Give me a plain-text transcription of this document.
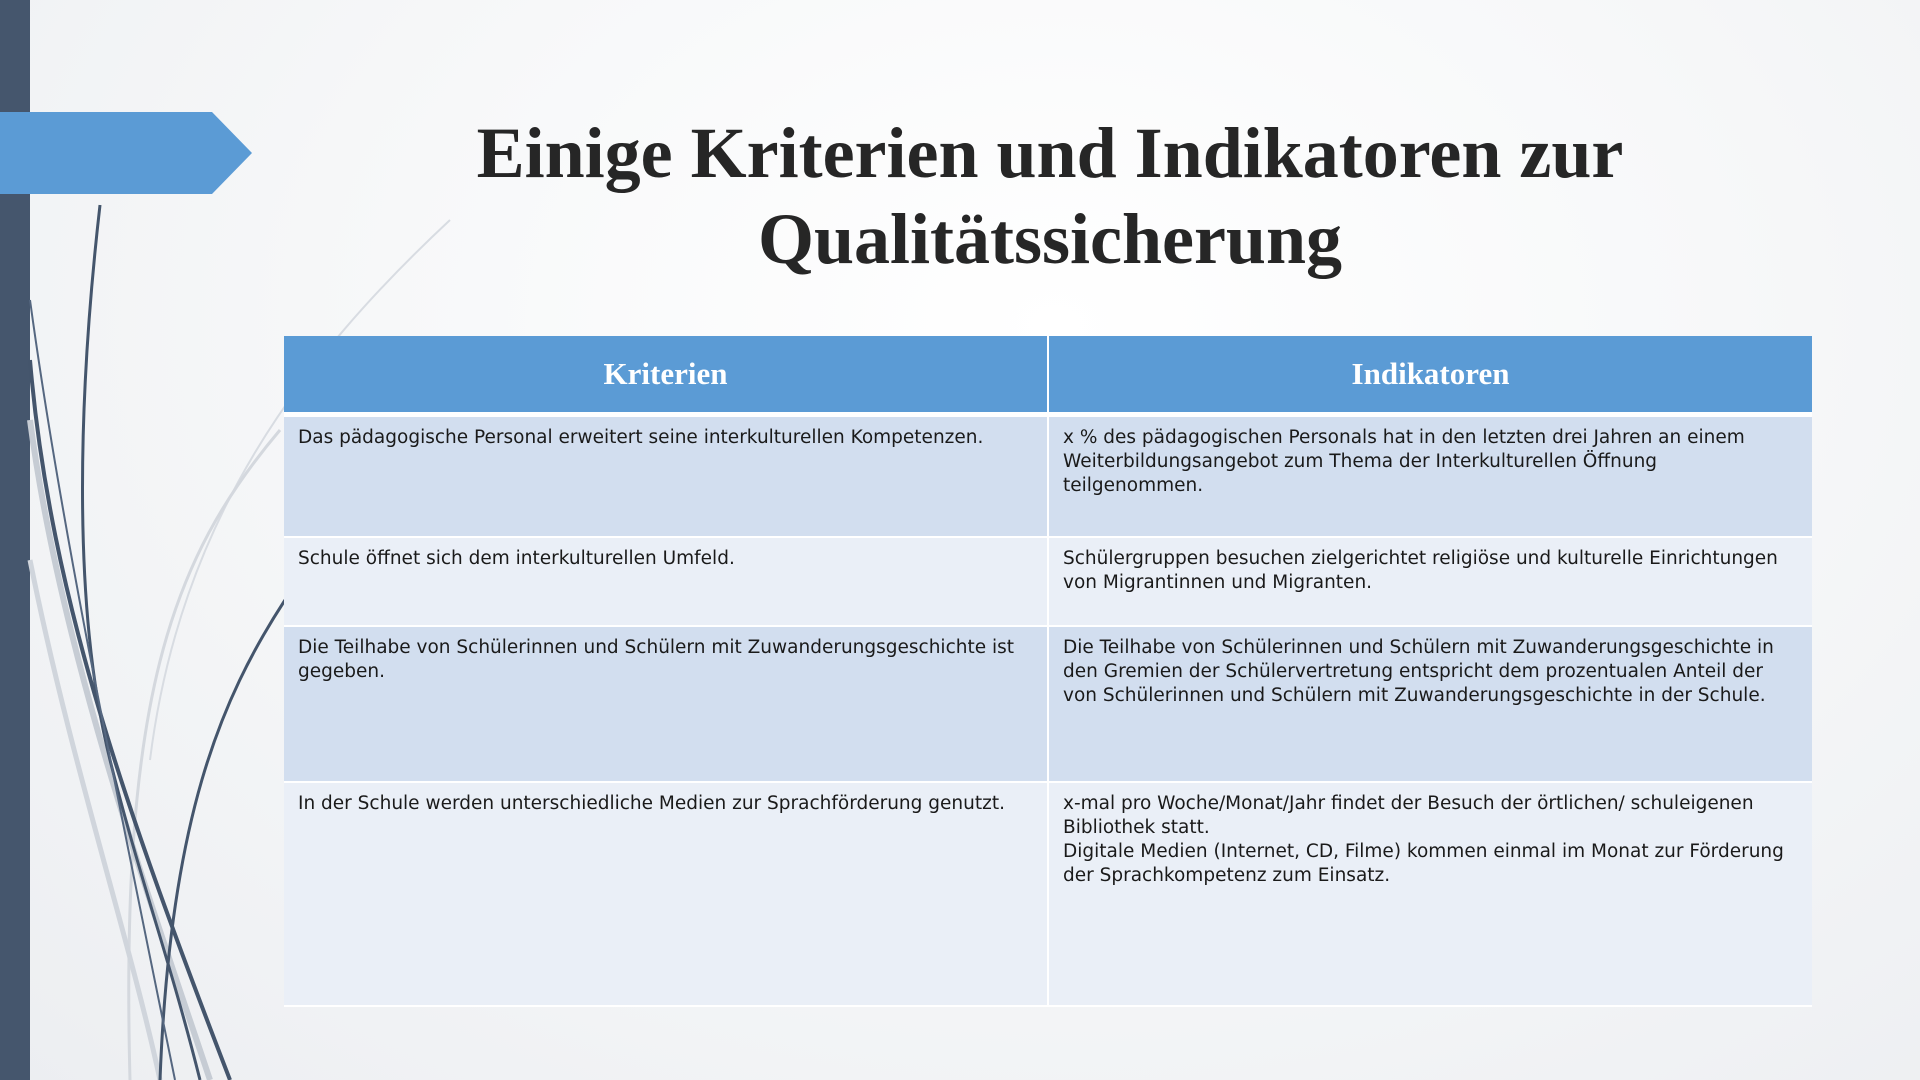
Einige Kriterien und Indikatoren zur
Qualitätssicherung
Kriterien	Indikatoren
Das pädagogische Personal erweitert seine interkulturellen Kompetenzen.	x % des pädagogischen Personals hat in den letzten drei Jahren an einem Weiterbildungsangebot zum Thema der Interkulturellen Öffnung teilgenommen.

Schule öffnet sich dem interkulturellen Umfeld.	Schülergruppen besuchen zielgerichtet religiöse und kulturelle Einrichtungen von Migrantinnen und Migranten.

Die Teilhabe von Schülerinnen und Schülern mit Zuwanderungsgeschichte ist gegeben.	Die Teilhabe von Schülerinnen und Schülern mit Zuwanderungsgeschichte in den Gremien der Schülervertretung entspricht dem prozentualen Anteil der von Schülerinnen und Schülern mit Zuwanderungsgeschichte in der Schule.

In der Schule werden unterschiedliche Medien zur Sprachförderung genutzt.	x-mal pro Woche/Monat/Jahr findet der Besuch der örtlichen/ schuleigenen Bibliothek statt.
Digitale Medien (Internet, CD, Filme) kommen einmal im Monat zur Förderung der Sprachkompetenz zum Einsatz.
